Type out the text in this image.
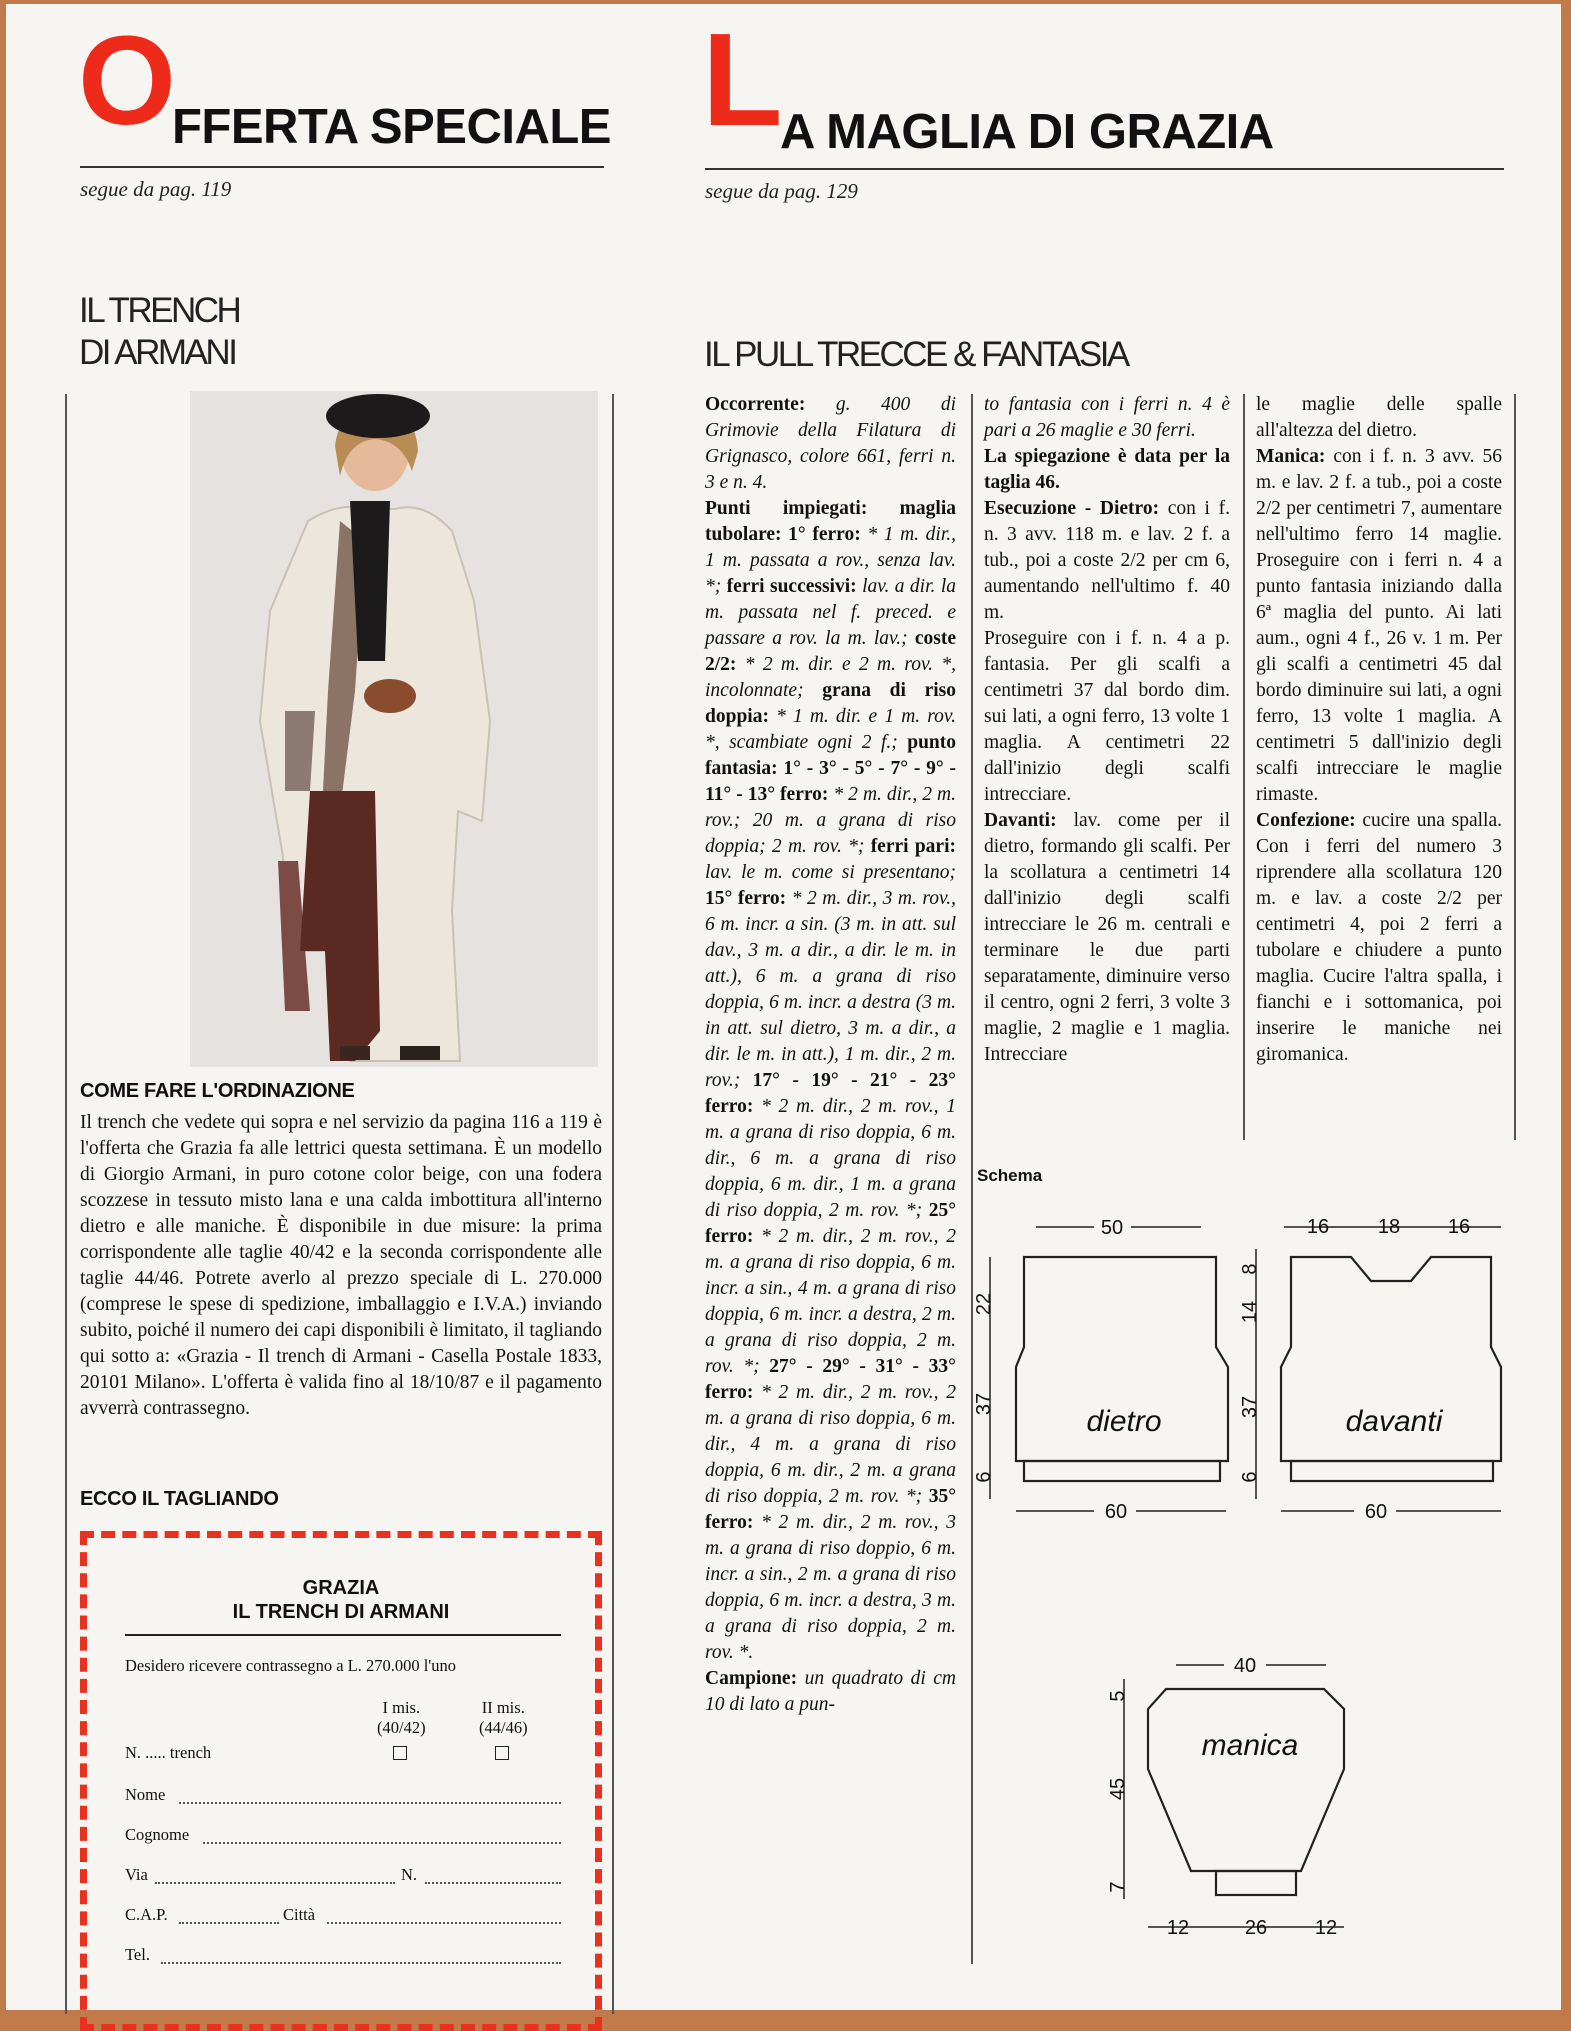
O
FFERTA SPECIALE
segue da pag. 119
L
A MAGLIA DI GRAZIA
segue da pag. 129
IL TRENCH
DI ARMANI	IL PULL TRECCE & FANTASIA
COME FARE L'ORDINAZIONE
Il trench che vedete qui sopra e nel servizio da pagina 116 a 119 è l'offerta che Grazia fa alle lettrici questa settimana. È un modello di Giorgio Armani, in puro cotone color beige, con una fodera scozzese in tessuto misto lana e una calda imbottitura all'interno dietro e alle maniche. È disponibile in due misure: la prima corrispondente alle taglie 40/42 e la seconda corrispondente alle taglie 44/46. Potrete averlo al prezzo speciale di L. 270.000 (comprese le spese di spedizione, imballaggio e I.V.A.) inviando subito, poiché il numero dei capi disponibili è limitato, il tagliando qui sotto a: «Grazia - Il trench di Armani - Casella Postale 1833, 20101 Milano». L'offerta è valida fino al 18/10/87 e il pagamento avverrà contrassegno.
ECCO IL TAGLIANDO
GRAZIA
IL TRENCH DI ARMANI
Desidero ricevere contrassegno a L. 270.000 l'uno
I mis.
(40/42)
II mis.
(44/46)
N. ..... trench
Nome
Cognome
Via	N.
C.A.P.	Città
Tel.

Occorrente: g. 400 di Grimovie della Filatura di Grignasco, colore 661, ferri n. 3 e n. 4.

Punti impiegati: maglia tubolare: 1° ferro: * 1 m. dir., 1 m. passata a rov., senza lav. *; ferri successivi: lav. a dir. la m. passata nel f. preced. e passare a rov. la m. lav.; coste 2/2: * 2 m. dir. e 2 m. rov. *, incolonnate; grana di riso doppia: * 1 m. dir. e 1 m. rov. *, scambiate ogni 2 f.; punto fantasia: 1° - 3° - 5° - 7° - 9° - 11° - 13° ferro: * 2 m. dir., 2 m. rov.; 20 m. a grana di riso doppia; 2 m. rov. *; ferri pari: lav. le m. come si presentano; 15° ferro: * 2 m. dir., 3 m. rov., 6 m. incr. a sin. (3 m. in att. sul dav., 3 m. a dir., a dir. le m. in att.), 6 m. a grana di riso doppia, 6 m. incr. a destra (3 m. in att. sul dietro, 3 m. a dir., a dir. le m. in att.), 1 m. dir., 2 m. rov.; 17° - 19° - 21° - 23° ferro: * 2 m. dir., 2 m. rov., 1 m. a grana di riso doppia, 6 m. dir., 6 m. a grana di riso doppia, 6 m. dir., 1 m. a grana di riso doppia, 2 m. rov. *; 25° ferro: * 2 m. dir., 2 m. rov., 2 m. a grana di riso doppia, 6 m. incr. a sin., 4 m. a grana di riso doppia, 6 m. incr. a destra, 2 m. a grana di riso doppia, 2 m. rov. *; 27° - 29° - 31° - 33° ferro: * 2 m. dir., 2 m. rov., 2 m. a grana di riso doppia, 6 m. dir., 4 m. a grana di riso doppia, 6 m. dir., 2 m. a grana di riso doppia, 2 m. rov. *; 35° ferro: * 2 m. dir., 2 m. rov., 3 m. a grana di riso doppio, 6 m. incr. a sin., 2 m. a grana di riso doppia, 6 m. incr. a destra, 3 m. a grana di riso doppia, 2 m. rov. *.

Campione: un quadrato di cm 10 di lato a pun-

to fantasia con i ferri n. 4 è pari a 26 maglie e 30 ferri.

La spiegazione è data per la taglia 46.

Esecuzione - Dietro: con i f. n. 3 avv. 118 m. e lav. 2 f. a tub., poi a coste 2/2 per cm 6, aumentando nell'ultimo f. 40 m.

Proseguire con i f. n. 4 a p. fantasia. Per gli scalfi a centimetri 37 dal bordo dim. sui lati, a ogni ferro, 13 volte 1 maglia. A centimetri 22 dall'inizio degli scalfi intrecciare.

Davanti: lav. come per il dietro, formando gli scalfi. Per la scollatura a centimetri 14 dall'inizio degli scalfi intrecciare le 26 m. centrali e terminare le due parti separatamente, diminuire verso il centro, ogni 2 ferri, 3 volte 3 maglie, 2 maglie e 1 maglia. Intrecciare

le maglie delle spalle all'altezza del dietro.

Manica: con i f. n. 3 avv. 56 m. e lav. 2 f. a tub., poi a coste 2/2 per centimetri 7, aumentare nell'ultimo ferro 14 maglie. Proseguire con i ferri n. 4 a punto fantasia iniziando dalla 6ª maglia del punto. Ai lati aum., ogni 4 f., 26 v. 1 m. Per gli scalfi a centimetri 45 dal bordo diminuire sui lati, a ogni ferro, 13 volte 1 maglia. A centimetri 5 dall'inizio degli scalfi intrecciare le maglie rimaste.

Confezione: cucire una spalla. Con i ferri del numero 3 riprendere alla scollatura 120 m. e lav. a coste 2/2 per centimetri 4, poi 2 ferri a tubolare e chiudere a punto maglia. Cucire l'altra spalla, i fianchi e i sottomanica, poi inserire le maniche nei giromanica.

Schema
50
60
22
37
6
16 18 16
60
8
14
37
6
40
5
45
7
12	26 12
dietro	davanti
manica
